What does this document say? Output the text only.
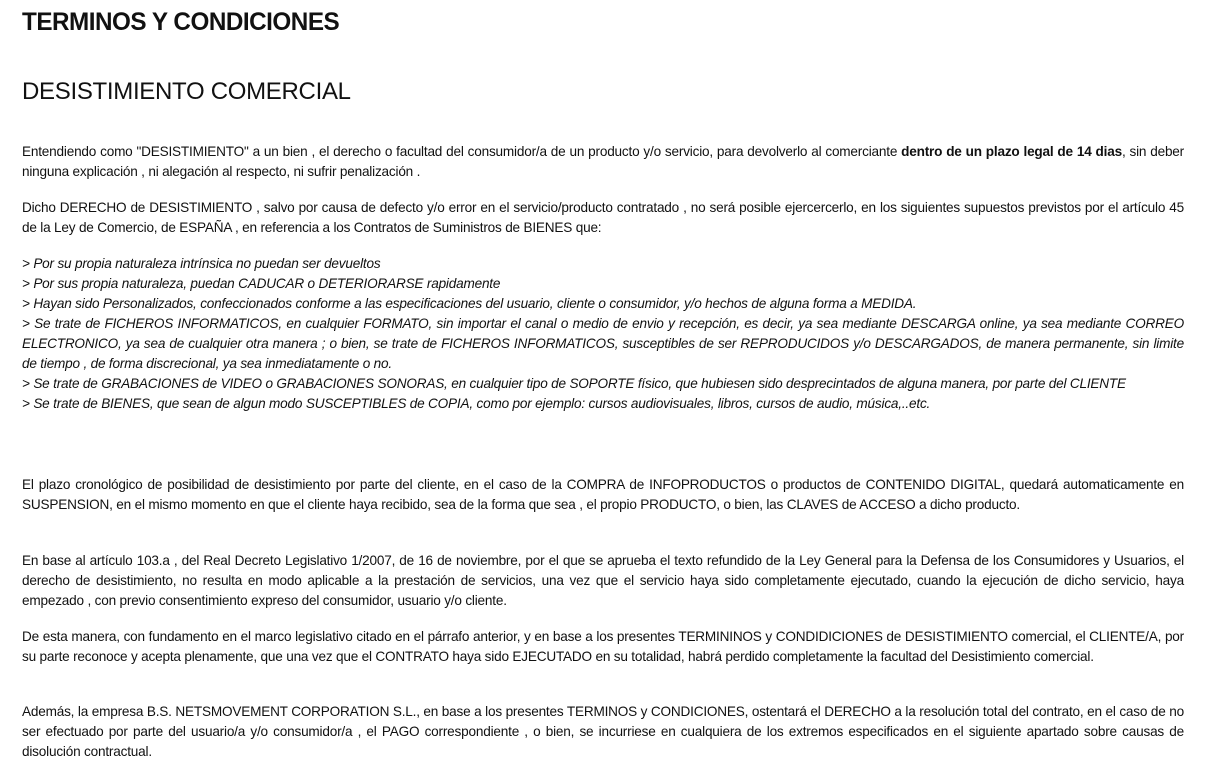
TERMINOS Y CONDICIONES
DESISTIMIENTO COMERCIAL

Entendiendo como "DESISTIMIENTO" a un bien , el derecho o facultad del consumidor/a de un producto y/o servicio, para devolverlo al comerciante dentro de un plazo legal de 14 dias, sin deber ninguna explicación , ni alegación al respecto, ni sufrir penalización .

Dicho DERECHO de DESISTIMIENTO , salvo por causa de defecto y/o error en el servicio/producto contratado , no será posible ejercercerlo, en los siguientes supuestos previstos por el artículo 45 de la Ley de Comercio, de ESPAÑA , en referencia a los Contratos de Suministros de BIENES que:

> Por su propia naturaleza intrínsica no puedan ser devueltos
> Por sus propia naturaleza, puedan CADUCAR o DETERIORARSE rapidamente
> Hayan sido Personalizados, confeccionados conforme a las especificaciones del usuario, cliente o consumidor, y/o hechos de alguna forma a MEDIDA.
> Se trate de FICHEROS INFORMATICOS, en cualquier FORMATO, sin importar el canal o medio de envio y recepción, es decir, ya sea mediante DESCARGA online, ya sea mediante CORREO ELECTRONICO, ya sea de cualquier otra manera ; o bien, se trate de FICHEROS INFORMATICOS, susceptibles de ser REPRODUCIDOS y/o DESCARGADOS, de manera permanente, sin limite de tiempo , de forma discrecional, ya sea inmediatamente o no.
> Se trate de GRABACIONES de VIDEO o GRABACIONES SONORAS, en cualquier tipo de SOPORTE físico, que hubiesen sido desprecintados de alguna manera, por parte del CLIENTE
> Se trate de BIENES, que sean de algun modo SUSCEPTIBLES de COPIA, como por ejemplo: cursos audiovisuales, libros, cursos de audio, música,..etc.

El plazo cronológico de posibilidad de desistimiento por parte del cliente, en el caso de la COMPRA de INFOPRODUCTOS o productos de CONTENIDO DIGITAL, quedará automaticamente en SUSPENSION, en el mismo momento en que el cliente haya recibido, sea de la forma que sea , el propio PRODUCTO, o bien, las CLAVES de ACCESO a dicho producto.

En base al artículo 103.a , del Real Decreto Legislativo 1/2007, de 16 de noviembre, por el que se aprueba el texto refundido de la Ley General para la Defensa de los Consumidores y Usuarios, el derecho de desistimiento, no resulta en modo aplicable a la prestación de servicios, una vez que el servicio haya sido completamente ejecutado, cuando la ejecución de dicho servicio, haya empezado , con previo consentimiento expreso del consumidor, usuario y/o cliente.

De esta manera, con fundamento en el marco legislativo citado en el párrafo anterior, y en base a los presentes TERMININOS y CONDIDICIONES de DESISTIMIENTO comercial, el CLIENTE/A, por su parte reconoce y acepta plenamente, que una vez que el CONTRATO haya sido EJECUTADO en su totalidad, habrá perdido completamente la facultad del Desistimiento comercial.

Además, la empresa B.S. NETSMOVEMENT CORPORATION S.L., en base a los presentes TERMINOS y CONDICIONES, ostentará el DERECHO a la resolución total del contrato, en el caso de no ser efectuado por parte del usuario/a y/o consumidor/a , el PAGO correspondiente , o bien, se incurriese en cualquiera de los extremos especificados en el siguiente apartado sobre causas de disolución contractual.
